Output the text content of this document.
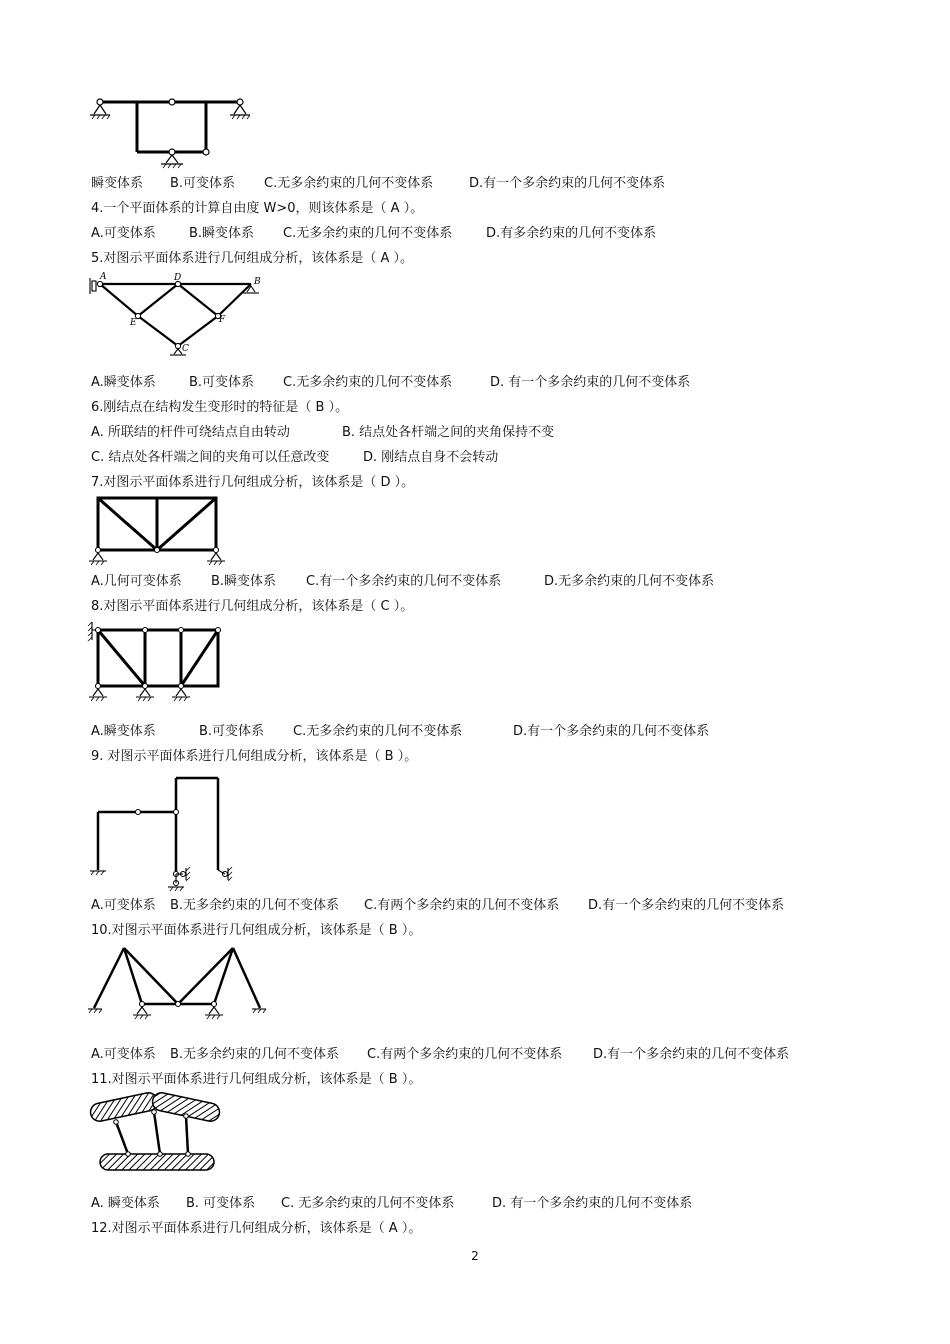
瞬变体系 B.可变体系 C.无多余约束的几何不变体系	D.有一个多余约束的几何不变体系
4.一个平面体系的计算自由度 W>0，则该体系是（ A ）。
A.可变体系	B.瞬变体系 C.无多余约束的几何不变体系	D.有多余约束的几何不变体系
5.对图示平面体系进行几何组成分析，该体系是（ A ）。
A	D	B
E	F
C
A.瞬变体系	B.可变体系 C.无多余约束的几何不变体系	D. 有一个多余约束的几何不变体系
6.刚结点在结构发生变形时的特征是（ B ）。
A. 所联结的杆件可绕结点自由转动	B. 结点处各杆端之间的夹角保持不变
C. 结点处各杆端之间的夹角可以任意改变	D. 刚结点自身不会转动
7.对图示平面体系进行几何组成分析，该体系是（ D ）。
A.几何可变体系 B.瞬变体系 C.有一个多余约束的几何不变体系	D.无多余约束的几何不变体系
8.对图示平面体系进行几何组成分析，该体系是（ C ）。
A.瞬变体系	B.可变体系 C.无多余约束的几何不变体系	D.有一个多余约束的几何不变体系
9. 对图示平面体系进行几何组成分析，该体系是（ B ）。
A.可变体系 B.无多余约束的几何不变体系 C.有两个多余约束的几何不变体系 D.有一个多余约束的几何不变体系
10.对图示平面体系进行几何组成分析，该体系是（ B ）。
A.可变体系 B.无多余约束的几何不变体系 C.有两个多余约束的几何不变体系 D.有一个多余约束的几何不变体系
11.对图示平面体系进行几何组成分析，该体系是（ B ）。
A. 瞬变体系 B. 可变体系 C. 无多余约束的几何不变体系	D. 有一个多余约束的几何不变体系
12.对图示平面体系进行几何组成分析，该体系是（ A ）。
2
